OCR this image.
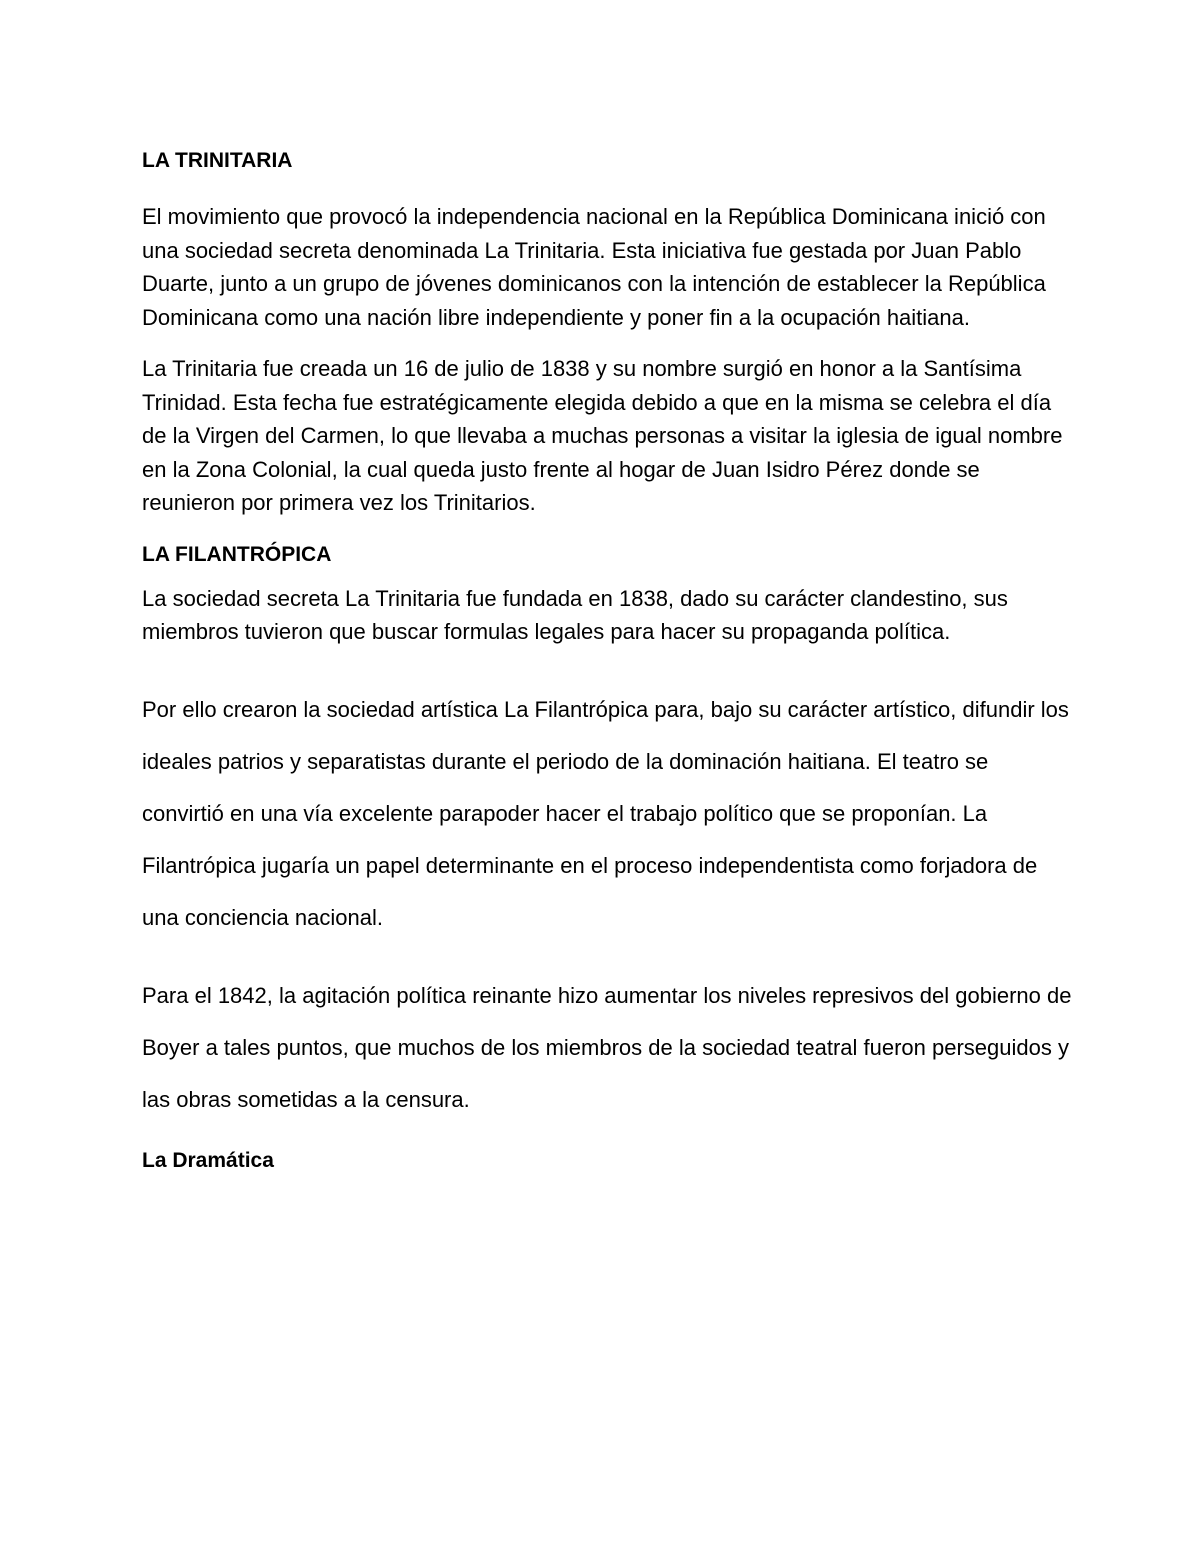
LA TRINITARIA

El movimiento que provocó la independencia nacional en la República Dominicana inició con una sociedad secreta denominada La Trinitaria. Esta iniciativa fue gestada por Juan Pablo Duarte, junto a un grupo de jóvenes dominicanos con la intención de establecer la República Dominicana como una nación libre independiente y poner fin a la ocupación haitiana.

La Trinitaria fue creada un 16 de julio de 1838 y su nombre surgió en honor a la Santísima Trinidad. Esta fecha fue estratégicamente elegida debido a que en la misma se celebra el día de la Virgen del Carmen, lo que llevaba a muchas personas a visitar la iglesia de igual nombre en la Zona Colonial, la cual queda justo frente al hogar de Juan Isidro Pérez donde se reunieron por primera vez los Trinitarios.

LA FILANTRÓPICA

La sociedad secreta La Trinitaria fue fundada en 1838, dado su carácter clandestino, sus miembros tuvieron que buscar formulas legales para hacer su propaganda política.

Por ello crearon la sociedad artística La Filantrópica para, bajo su carácter artístico, difundir los ideales patrios y separatistas durante el periodo de la dominación haitiana. El teatro se convirtió en una vía excelente parapoder hacer el trabajo político que se proponían. La Filantrópica jugaría un papel determinante en el proceso independentista como forjadora de una conciencia nacional.

Para el 1842, la agitación política reinante hizo aumentar los niveles represivos del gobierno de Boyer a tales puntos, que muchos de los miembros de la sociedad teatral fueron perseguidos y las obras sometidas a la censura.

La Dramática
